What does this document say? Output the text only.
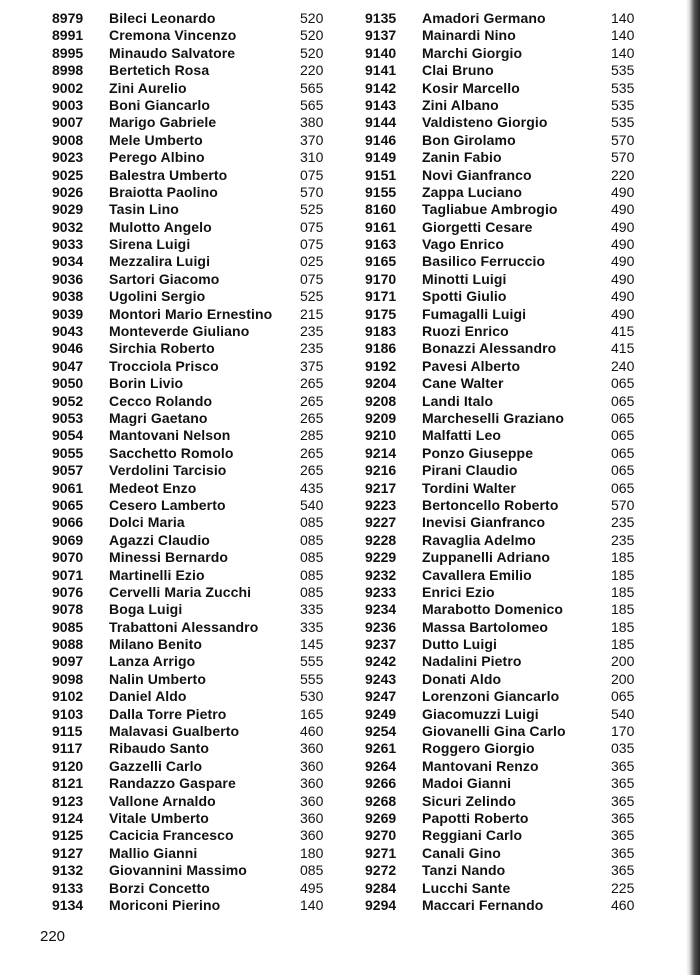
8979 Bileci Leonardo	520
8991 Cremona Vincenzo	520
8995 Minaudo Salvatore	520
8998 Bertetich Rosa	220
9002 Zini Aurelio	565
9003 Boni Giancarlo	565
9007 Marigo Gabriele	380
9008 Mele Umberto	370
9023 Perego Albino	310
9025 Balestra Umberto	075
9026 Braiotta Paolino	570
9029 Tasin Lino	525
9032 Mulotto Angelo	075
9033 Sirena Luigi	075
9034 Mezzalira Luigi	025
9036 Sartori Giacomo	075
9038 Ugolini Sergio	525
9039 Montori Mario Ernestino 215
9043 Monteverde Giuliano	235
9046 Sirchia Roberto	235
9047 Trocciola Prisco	375
9050 Borin Livio	265
9052 Cecco Rolando	265
9053 Magri Gaetano	265
9054 Mantovani Nelson	285
9055 Sacchetto Romolo	265
9057 Verdolini Tarcisio	265
9061 Medeot Enzo	435
9065 Cesero Lamberto	540
9066 Dolci Maria	085
9069 Agazzi Claudio	085
9070 Minessi Bernardo	085
9071 Martinelli Ezio	085
9076 Cervelli Maria Zucchi	085
9078 Boga Luigi	335
9085 Trabattoni Alessandro	335
9088 Milano Benito	145
9097 Lanza Arrigo	555
9098 Nalin Umberto	555
9102 Daniel Aldo	530
9103 Dalla Torre Pietro	165
9115 Malavasi Gualberto	460
9117 Ribaudo Santo	360
9120 Gazzelli Carlo	360
8121 Randazzo Gaspare	360
9123 Vallone Arnaldo	360
9124 Vitale Umberto	360
9125 Cacicia Francesco	360
9127 Mallio Gianni	180
9132 Giovannini Massimo	085
9133 Borzi Concetto	495
9134 Moriconi Pierino	140
9135 Amadori Germano	140
9137 Mainardi Nino	140
9140 Marchi Giorgio	140
9141 Clai Bruno	535
9142 Kosir Marcello	535
9143 Zini Albano	535
9144 Valdisteno Giorgio	535
9146 Bon Girolamo	570
9149 Zanin Fabio	570
9151 Novi Gianfranco	220
9155 Zappa Luciano	490
8160 Tagliabue Ambrogio	490
9161 Giorgetti Cesare	490
9163 Vago Enrico	490
9165 Basilico Ferruccio	490
9170 Minotti Luigi	490
9171 Spotti Giulio	490
9175 Fumagalli Luigi	490
9183 Ruozi Enrico	415
9186 Bonazzi Alessandro	415
9192 Pavesi Alberto	240
9204 Cane Walter	065
9208 Landi Italo	065
9209 Marcheselli Graziano	065
9210 Malfatti Leo	065
9214 Ponzo Giuseppe	065
9216 Pirani Claudio	065
9217 Tordini Walter	065
9223 Bertoncello Roberto	570
9227 Inevisi Gianfranco	235
9228 Ravaglia Adelmo	235
9229 Zuppanelli Adriano	185
9232 Cavallera Emilio	185
9233 Enrici Ezio	185
9234 Marabotto Domenico	185
9236 Massa Bartolomeo	185
9237 Dutto Luigi	185
9242 Nadalini Pietro	200
9243 Donati Aldo	200
9247 Lorenzoni Giancarlo	065
9249 Giacomuzzi Luigi	540
9254 Giovanelli Gina Carlo	170
9261 Roggero Giorgio	035
9264 Mantovani Renzo	365
9266 Madoi Gianni	365
9268 Sicuri Zelindo	365
9269 Papotti Roberto	365
9270 Reggiani Carlo	365
9271 Canali Gino	365
9272 Tanzi Nando	365
9284 Lucchi Sante	225
9294 Maccari Fernando	460
220
